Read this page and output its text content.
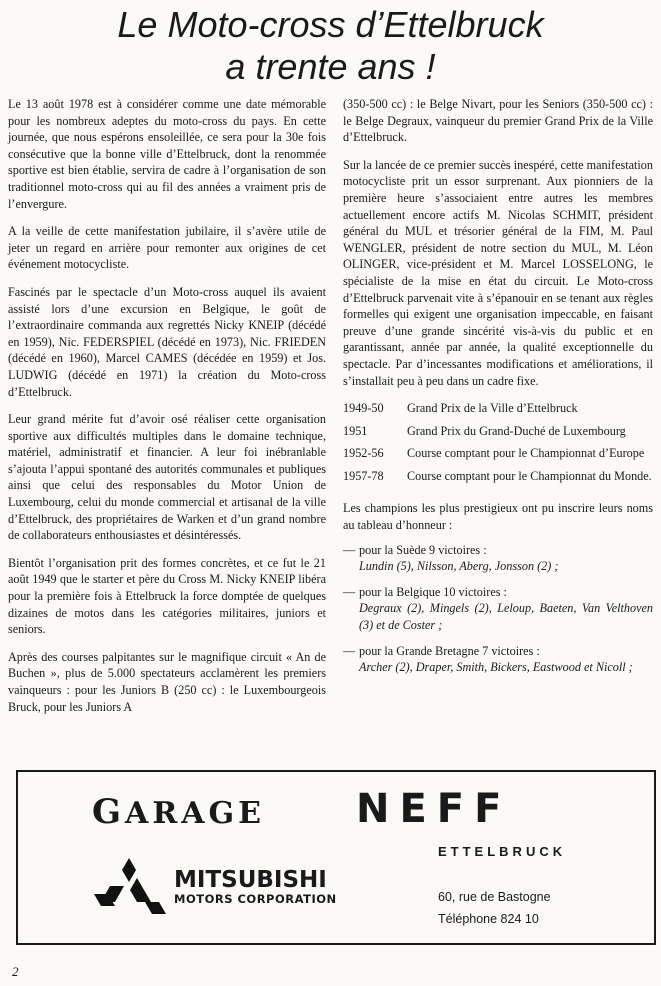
Le Moto-cross d’Ettelbruck
a trente ans !

Le 13 août 1978 est à considérer comme une date mémorable pour les nombreux adeptes du moto-cross du pays. En cette journée, que nous espérons ensoleillée, ce sera pour la 30e fois consécutive que la bonne ville d’Ettelbruck, dont la renommée sportive est bien établie, servira de cadre à l’organisation de son traditionnel moto-cross qui au fil des années a vraiment pris de l’envergure.

A la veille de cette manifestation jubilaire, il s’avère utile de jeter un regard en arrière pour remonter aux origines de cet événement motocycliste.

Fascinés par le spectacle d’un Moto-cross auquel ils avaient assisté lors d’une excursion en Belgique, le goût de l’extraordinaire commanda aux regrettés Nicky KNEIP (décédé en 1959), Nic. FEDERSPIEL (décédé en 1973), Nic. FRIEDEN (décédé en 1960), Marcel CAMES (décédée en 1959) et Jos. LUDWIG (décédé en 1971) la création du Moto-cross d’Ettelbruck.

Leur grand mérite fut d’avoir osé réaliser cette organisation sportive aux difficultés multiples dans le domaine technique, matériel, administratif et financier. A leur foi inébranlable s’ajouta l’appui spontané des autorités communales et publiques ainsi que celui des responsables du Motor Union de Luxembourg, celui du monde commercial et artisanal de la ville d’Ettelbruck, des propriétaires de Warken et d’un grand nombre de collaborateurs enthousiastes et désintéressés.

Bientôt l’organisation prit des formes concrètes, et ce fut le 21 août 1949 que le starter et père du Cross M. Nicky KNEIP libéra pour la première fois à Ettelbruck la force domptée de quelques dizaines de motos dans les catégories militaires, juniors et seniors.

Après des courses palpitantes sur le magnifique circuit « An de Buchen », plus de 5.000 spectateurs acclamèrent les premiers vainqueurs : pour les Juniors B (250 cc) : le Luxembourgeois Bruck, pour les Juniors A

(350-500 cc) : le Belge Nivart, pour les Seniors (350-500 cc) : le Belge Degraux, vainqueur du premier Grand Prix de la Ville d’Ettelbruck.

Sur la lancée de ce premier succès inespéré, cette manifestation motocycliste prit un essor surprenant. Aux pionniers de la première heure s’associaient entre autres les membres actuellement encore actifs M. Nicolas SCHMIT, président général du MUL et trésorier général de la FIM, M. Paul WENGLER, président de notre section du MUL, M. Léon OLINGER, vice-président et M. Marcel LOSSELONG, le spécialiste de la mise en état du circuit. Le Moto-cross d’Ettelbruck parvenait vite à s’épanouir en se tenant aux règles formelles qui exigent une organisation impeccable, en faisant preuve d’une grande sincérité vis-à-vis du public et en garantissant, année par année, la qualité exceptionnelle du spectacle. Par d’incessantes modifications et améliorations, il s’installait peu à peu dans un cadre fixe.

1949-50	Grand Prix de la Ville d’Ettelbruck
1951	Grand Prix du Grand-Duché de Luxembourg
1952-56	Course comptant pour le Championnat d’Europe
1957-78	Course comptant pour le Championnat du Monde.

Les champions les plus prestigieux ont pu inscrire leurs noms au tableau d’honneur :

— pour la Suède 9 victoires :
Lundin (5), Nilsson, Aberg, Jonsson (2) ;
— pour la Belgique 10 victoires :
Degraux (2), Mingels (2), Leloup, Baeten, Van Velthoven (3) et de Coster ;
— pour la Grande Bretagne 7 victoires :
Archer (2), Draper, Smith, Bickers, Eastwood et Nicoll ;
GARAGE NEFF
ETTELBRUCK
MITSUBISHI
MOTORS CORPORATION	60, rue de Bastogne
Téléphone 824 10
2
